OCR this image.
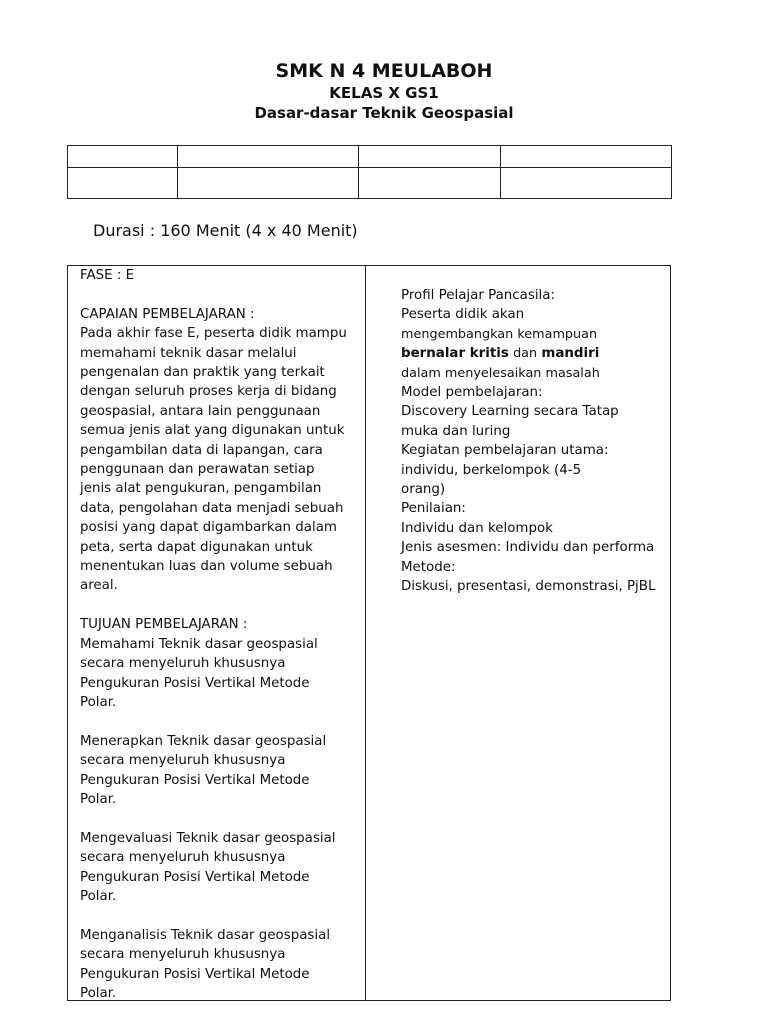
SMK N 4 MEULABOH
KELAS X GS1
Dasar-dasar Teknik Geospasial

Durasi : 160 Menit (4 x 40 Menit)

FASE : E

CAPAIAN PEMBELAJARAN :

Pada akhir fase E, peserta didik mampu
memahami teknik dasar melalui
pengenalan dan praktik yang terkait
dengan seluruh proses kerja di bidang
geospasial, antara lain penggunaan
semua jenis alat yang digunakan untuk
pengambilan data di lapangan, cara
penggunaan dan perawatan setiap
jenis alat pengukuran, pengambilan
data, pengolahan data menjadi sebuah
posisi yang dapat digambarkan dalam
peta, serta dapat digunakan untuk
menentukan luas dan volume sebuah
areal.

TUJUAN PEMBELAJARAN :

Memahami Teknik dasar geospasial
secara menyeluruh khususnya
Pengukuran Posisi Vertikal Metode
Polar.

Menerapkan Teknik dasar geospasial
secara menyeluruh khususnya
Pengukuran Posisi Vertikal Metode
Polar.

Mengevaluasi Teknik dasar geospasial
secara menyeluruh khususnya
Pengukuran Posisi Vertikal Metode
Polar.

Menganalisis Teknik dasar geospasial
secara menyeluruh khususnya
Pengukuran Posisi Vertikal Metode
Polar.

Profil Pelajar Pancasila:

Peserta didik akan

mengembangkan kemampuan

bernalar kritis dan mandiri

dalam menyelesaikan masalah

Model pembelajaran:

Discovery Learning secara Tatap

muka dan luring

Kegiatan pembelajaran utama:

individu, berkelompok (4-5

orang)

Penilaian:

Individu dan kelompok

Jenis asesmen: Individu dan performa

Metode:

Diskusi, presentasi, demonstrasi, PjBL
